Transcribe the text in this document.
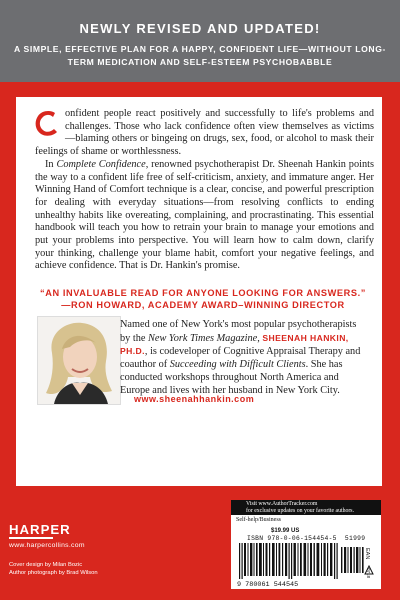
NEWLY REVISED AND UPDATED!
A SIMPLE, EFFECTIVE PLAN FOR A HAPPY, CONFIDENT LIFE—WITHOUT LONG-TERM MEDICATION AND SELF-ESTEEM PSYCHOBABBLE

onfident people react positively and successfully to life's problems and challenges. Those who lack confidence often view themselves as victims—blaming others or bingeing on drugs, sex, food, or alcohol to mask their feelings of shame or worthlessness.

In Complete Confidence, renowned psychotherapist Dr. Sheenah Hankin points the way to a confident life free of self-criticism, anxiety, and immature anger. Her Winning Hand of Comfort technique is a clear, concise, and powerful prescription for dealing with everyday situations—from resolving conflicts to ending unhealthy habits like overeating, complaining, and procrastinating. This essential handbook will teach you how to retrain your brain to manage your emotions and put your problems into perspective. You will learn how to calm down, clarify your thinking, challenge your blame habit, comfort your negative feelings, and achieve confidence. That is Dr. Hankin's promise.

“AN INVALUABLE READ FOR ANYONE LOOKING FOR ANSWERS.”
—RON HOWARD, ACADEMY AWARD–WINNING DIRECTOR
Named one of New York's most popular psychotherapists by the New York Times Magazine, SHEENAH HANKIN, PH.D., is codeveloper of Cognitive Appraisal Therapy and coauthor of Succeeding with Difficult Clients. She has conducted workshops throughout North America and Europe and lives with her husband in New York City.
www.sheenahhankin.com
HARPER
www.harpercollins.com
Cover design by Milan Bozic
Author photograph by Brad Wilson
Visit www.AuthorTracker.com
for exclusive updates on your favorite authors.
Self-help/Business
$19.99 US
ISBN 978-0-06-154454-5 51999
9 780061 544545
EAN
0718
